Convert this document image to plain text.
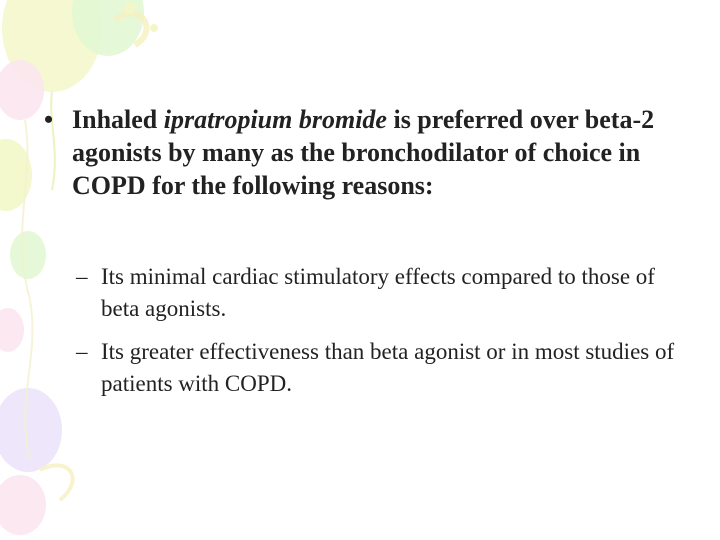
• Inhaled ipratropium bromide is preferred over beta-2 agonists by many as the bronchodilator of choice in COPD for the following reasons:
– Its minimal cardiac stimulatory effects compared to those of beta agonists.
– Its greater effectiveness than beta agonist or in most studies of patients with COPD.
